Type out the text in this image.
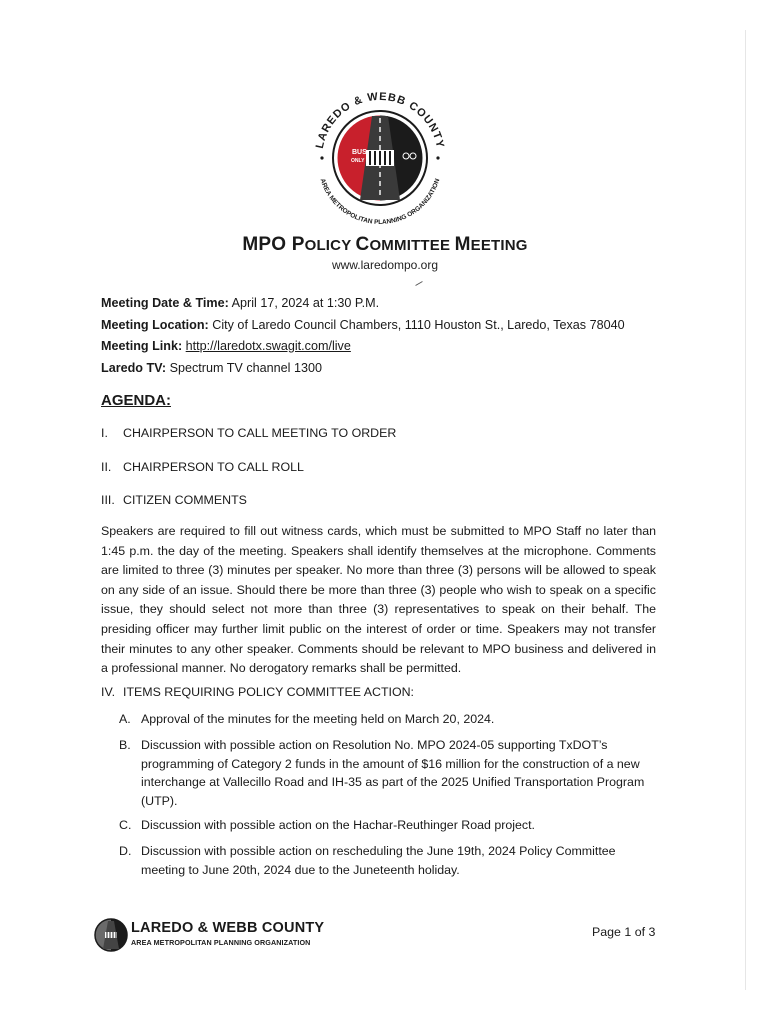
BUS
ONLY
LAREDO & WEBB COUNTY
AREA METROPOLITAN PLANNING ORGANIZATION
MPO POLICY COMMITTEE MEETING
www.laredompo.org
Meeting Date & Time: April 17, 2024 at 1:30 P.M.
Meeting Location: City of Laredo Council Chambers, 1110 Houston St., Laredo, Texas 78040
Meeting Link: http://laredotx.swagit.com/live
Laredo TV: Spectrum TV channel 1300
AGENDA:
I. CHAIRPERSON TO CALL MEETING TO ORDER
II. CHAIRPERSON TO CALL ROLL
III. CITIZEN COMMENTS
Speakers are required to fill out witness cards, which must be submitted to MPO Staff no later than 1:45 p.m. the day of the meeting. Speakers shall identify themselves at the microphone. Comments are limited to three (3) minutes per speaker. No more than three (3) persons will be allowed to speak on any side of an issue. Should there be more than three (3) people who wish to speak on a specific issue, they should select not more than three (3) representatives to speak on their behalf. The presiding officer may further limit public on the interest of order or time. Speakers may not transfer their minutes to any other speaker. Comments should be relevant to MPO business and delivered in a professional manner. No derogatory remarks shall be permitted.
IV. ITEMS REQUIRING POLICY COMMITTEE ACTION:
A. Approval of the minutes for the meeting held on March 20, 2024.
B. Discussion with possible action on Resolution No. MPO 2024-05 supporting TxDOT’s programming of Category 2 funds in the amount of $16 million for the construction of a new interchange at Vallecillo Road and IH-35 as part of the 2025 Unified Transportation Program (UTP).
C. Discussion with possible action on the Hachar-Reuthinger Road project.
D. Discussion with possible action on rescheduling the June 19th, 2024 Policy Committee meeting to June 20th, 2024 due to the Juneteenth holiday.
LAREDO & WEBB COUNTY
AREA METROPOLITAN PLANNING ORGANIZATION
Page 1 of 3
